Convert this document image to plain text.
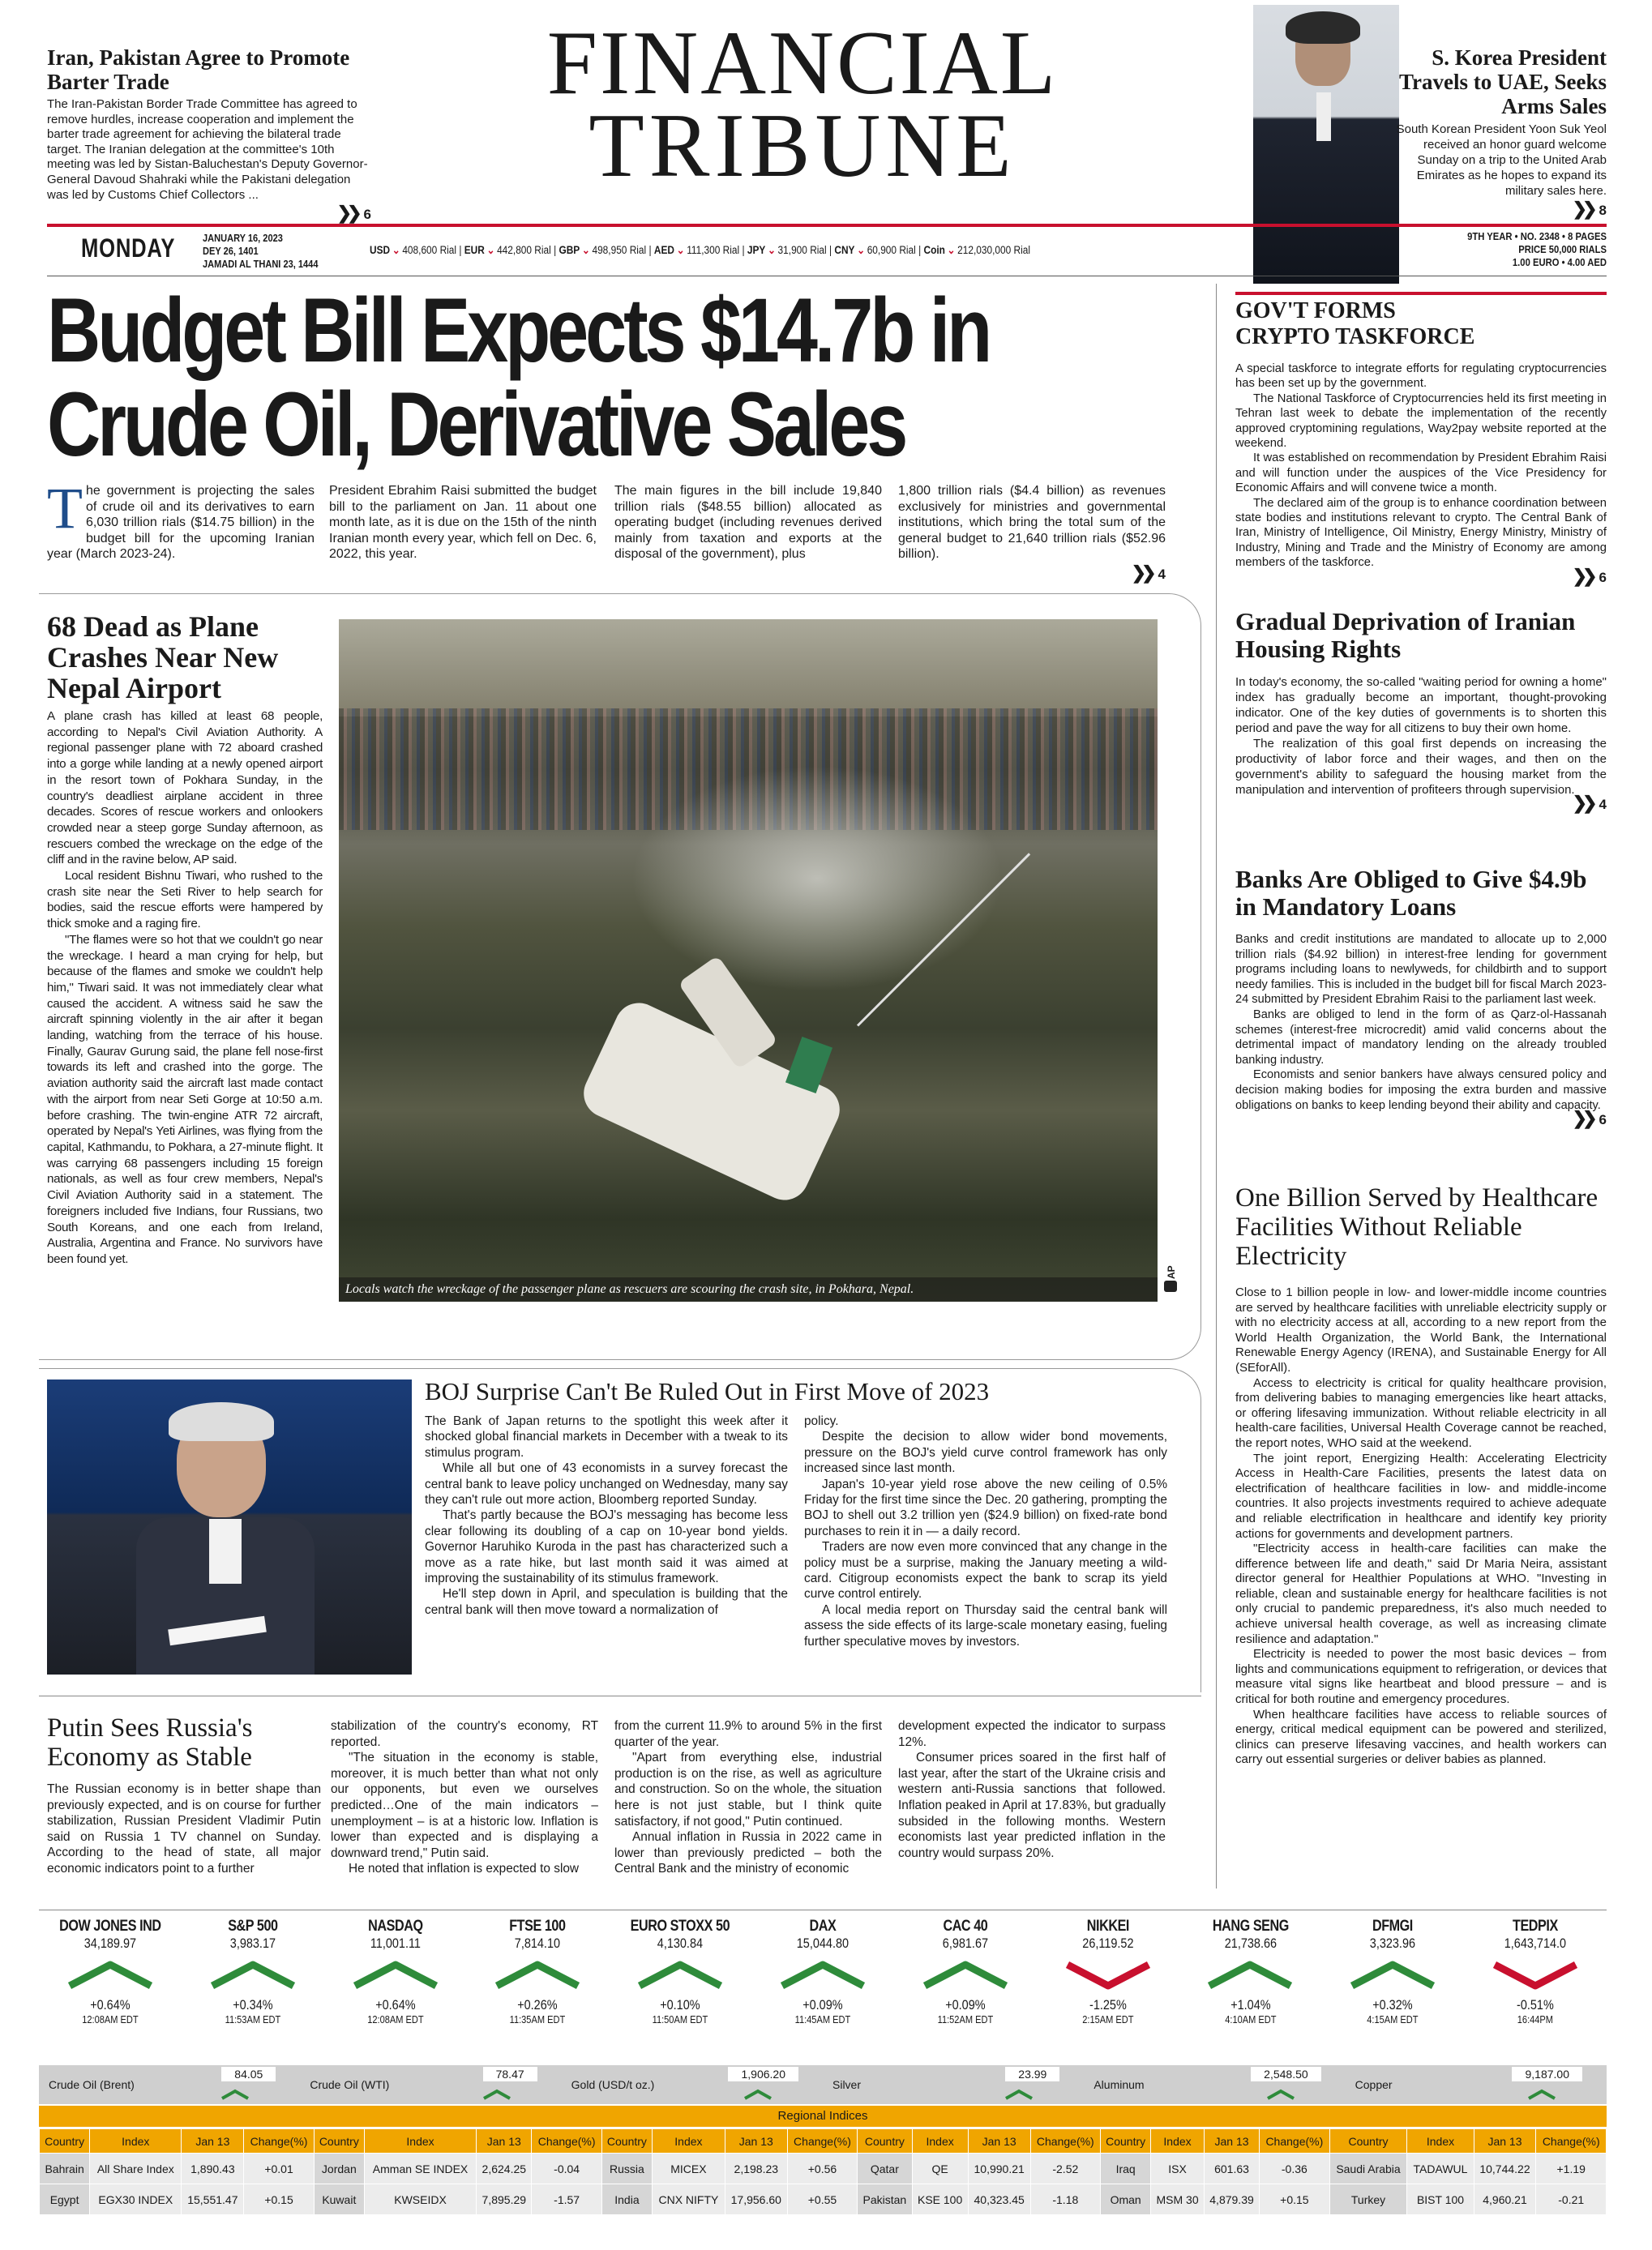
FINANCIAL
TRIBUNE
Iran, Pakistan Agree to Promote Barter Trade
The Iran-Pakistan Border Trade Committee has agreed to remove hurdles, increase cooperation and implement the barter trade agreement for achieving the bilateral trade target. The Iranian delegation at the committee's 10th meeting was led by Sistan-Baluchestan's Deputy Governor-General Davoud Shahraki while the Pakistani delegation was led by Customs Chief Collectors ...
❯❯ 6
S. Korea President Travels to UAE, Seeks Arms Sales
South Korean President Yoon Suk Yeol received an honor guard welcome Sunday on a trip to the United Arab Emirates as he hopes to expand its military sales here.
❯❯ 8
MONDAY	JANUARY 16, 2023
DEY 26, 1401
JAMADI AL THANI 23, 1444
USD ⌄ 408,600 Rial | EUR ⌄ 442,800 Rial | GBP ⌄ 498,950 Rial | AED ⌄ 111,300 Rial | JPY ⌄ 31,900 Rial | CNY ⌄ 60,900 Rial | Coin ⌄ 212,030,000 Rial
9TH YEAR • NO. 2348 • 8 PAGES
PRICE 50,000 RIALS
1.00 EURO • 4.00 AED
Budget Bill Expects $14.7b in
Crude Oil, Derivative Sales
T he government is projecting the sales of crude oil and its derivatives to earn 6,030 trillion rials ($14.75 billion) in the budget bill for the upcoming Iranian year (March 2023-24).
President Ebrahim Raisi submitted the budget bill to the parliament on Jan. 11 about one month late, as it is due on the 15th of the ninth Iranian month every year, which fell on Dec. 6, 2022, this year.
The main figures in the bill include 19,840 trillion rials ($48.55 billion) allocated as operating budget (including revenues derived mainly from taxation and exports at the disposal of the government), plus
1,800 trillion rials ($4.4 billion) as revenues exclusively for ministries and governmental institutions, which bring the total sum of the general budget to 21,640 trillion rials ($52.96 billion).
❯❯ 4
68 Dead as Plane Crashes Near New Nepal Airport

A plane crash has killed at least 68 people, according to Nepal's Civil Aviation Authority. A regional passenger plane with 72 aboard crashed into a gorge while landing at a newly opened airport in the resort town of Pokhara Sunday, in the country's deadliest airplane accident in three decades. Scores of rescue workers and onlookers crowded near a steep gorge Sunday afternoon, as rescuers combed the wreckage on the edge of the cliff and in the ravine below, AP said.

Local resident Bishnu Tiwari, who rushed to the crash site near the Seti River to help search for bodies, said the rescue efforts were hampered by thick smoke and a raging fire.

"The flames were so hot that we couldn't go near the wreckage. I heard a man crying for help, but because of the flames and smoke we couldn't help him," Tiwari said. It was not immediately clear what caused the accident. A witness said he saw the aircraft spinning violently in the air after it began landing, watching from the terrace of his house. Finally, Gaurav Gurung said, the plane fell nose-first towards its left and crashed into the gorge. The aviation authority said the aircraft last made contact with the airport from near Seti Gorge at 10:50 a.m. before crashing. The twin-engine ATR 72 aircraft, operated by Nepal's Yeti Airlines, was flying from the capital, Kathmandu, to Pokhara, a 27-minute flight. It was carrying 68 passengers including 15 foreign nationals, as well as four crew members, Nepal's Civil Aviation Authority said in a statement. The foreigners included five Indians, four Russians, two South Koreans, and one each from Ireland, Australia, Argentina and France. No survivors have been found yet.

Locals watch the wreckage of the passenger plane as rescuers are scouring the crash site, in Pokhara, Nepal.
AP
GOV'T FORMS CRYPTO TASKFORCE

A special taskforce to integrate efforts for regulating cryptocurrencies has been set up by the government.

The National Taskforce of Cryptocurrencies held its first meeting in Tehran last week to debate the implementation of the recently approved cryptomining regulations, Way2pay website reported at the weekend.

It was established on recommendation by President Ebrahim Raisi and will function under the auspices of the Vice Presidency for Economic Affairs and will convene twice a month.

The declared aim of the group is to enhance coordination between state bodies and institutions relevant to crypto. The Central Bank of Iran, Ministry of Intelligence, Oil Ministry, Energy Ministry, Ministry of Industry, Mining and Trade and the Ministry of Economy are among members of the taskforce.

❯❯ 6
Gradual Deprivation of Iranian Housing Rights

In today's economy, the so-called "waiting period for owning a home" index has gradually become an important, thought-provoking indicator. One of the key duties of governments is to shorten this period and pave the way for all citizens to buy their own home.

The realization of this goal first depends on increasing the productivity of labor force and their wages, and then on the government's ability to safeguard the housing market from the manipulation and intervention of profiteers through supervision.

❯❯ 4
Banks Are Obliged to Give $4.9b in Mandatory Loans

Banks and credit institutions are mandated to allocate up to 2,000 trillion rials ($4.92 billion) in interest-free lending for government programs including loans to newlyweds, for childbirth and to support needy families. This is included in the budget bill for fiscal March 2023-24 submitted by President Ebrahim Raisi to the parliament last week.

Banks are obliged to lend in the form of as Qarz-ol-Hassanah schemes (interest-free microcredit) amid valid concerns about the detrimental impact of mandatory lending on the already troubled banking industry.

Economists and senior bankers have always censured policy and decision making bodies for imposing the extra burden and massive obligations on banks to keep lending beyond their ability and capacity.

❯❯ 6
One Billion Served by Healthcare Facilities Without Reliable Electricity

Close to 1 billion people in low- and lower-middle income countries are served by healthcare facilities with unreliable electricity supply or with no electricity access at all, according to a new report from the World Health Organization, the World Bank, the International Renewable Energy Agency (IRENA), and Sustainable Energy for All (SEforAll).

Access to electricity is critical for quality healthcare provision, from delivering babies to managing emergencies like heart attacks, or offering lifesaving immunization. Without reliable electricity in all health-care facilities, Universal Health Coverage cannot be reached, the report notes, WHO said at the weekend.

The joint report, Energizing Health: Accelerating Electricity Access in Health-Care Facilities, presents the latest data on electrification of healthcare facilities in low- and middle-income countries. It also projects investments required to achieve adequate and reliable electrification in healthcare and identify key priority actions for governments and development partners.

"Electricity access in health-care facilities can make the difference between life and death," said Dr Maria Neira, assistant director general for Healthier Populations at WHO. "Investing in reliable, clean and sustainable energy for healthcare facilities is not only crucial to pandemic preparedness, it's also much needed to achieve universal health coverage, as well as increasing climate resilience and adaptation."

Electricity is needed to power the most basic devices – from lights and communications equipment to refrigeration, or devices that measure vital signs like heartbeat and blood pressure – and is critical for both routine and emergency procedures.

When healthcare facilities have access to reliable sources of energy, critical medical equipment can be powered and sterilized, clinics can preserve lifesaving vaccines, and health workers can carry out essential surgeries or deliver babies as planned.

BOJ Surprise Can't Be Ruled Out in First Move of 2023

The Bank of Japan returns to the spotlight this week after it shocked global financial markets in December with a tweak to its stimulus program.

While all but one of 43 economists in a survey forecast the central bank to leave policy unchanged on Wednesday, many say they can't rule out more action, Bloomberg reported Sunday.

That's partly because the BOJ's messaging has become less clear following its doubling of a cap on 10-year bond yields. Governor Haruhiko Kuroda in the past has characterized such a move as a rate hike, but last month said it was aimed at improving the sustainability of its stimulus framework.

He'll step down in April, and speculation is building that the central bank will then move toward a normalization of

policy.

Despite the decision to allow wider bond movements, pressure on the BOJ's yield curve control framework has only increased since last month.

Japan's 10-year yield rose above the new ceiling of 0.5% Friday for the first time since the Dec. 20 gathering, prompting the BOJ to shell out 3.2 trillion yen ($24.9 billion) on fixed-rate bond purchases to rein it in — a daily record.

Traders are now even more convinced that any change in the policy must be a surprise, making the January meeting a wild-card. Citigroup economists expect the bank to scrap its yield curve control entirely.

A local media report on Thursday said the central bank will assess the side effects of its large-scale monetary easing, fueling further speculative moves by investors.

Putin Sees Russia's Economy as Stable
The Russian economy is in better shape than previously expected, and is on course for further stabilization, Russian President Vladimir Putin said on Russia 1 TV channel on Sunday. According to the head of state, all major economic indicators point to a further

stabilization of the country's economy, RT reported.

"The situation in the economy is stable, moreover, it is much better than what not only our opponents, but even we ourselves predicted…One of the main indicators – unemployment – is at a historic low. Inflation is lower than expected and is displaying a downward trend," Putin said.

He noted that inflation is expected to slow

from the current 11.9% to around 5% in the first quarter of the year.

"Apart from everything else, industrial production is on the rise, as well as agriculture and construction. So on the whole, the situation here is not just stable, but I think quite satisfactory, if not good," Putin continued.

Annual inflation in Russia in 2022 came in lower than previously predicted – both the Central Bank and the ministry of economic

development expected the indicator to surpass 12%.

Consumer prices soared in the first half of last year, after the start of the Ukraine crisis and western anti-Russia sanctions that followed. Inflation peaked in April at 17.83%, but gradually subsided in the following months. Western economists last year predicted inflation in the country would surpass 20%.

DOW JONES IND
34,189.97
+0.64%
12:08AM EDT
S&P 500
3,983.17
+0.34%
11:53AM EDT
NASDAQ
11,001.11
+0.64%
12:08AM EDT
FTSE 100
7,814.10
+0.26%
11:35AM EDT
EURO STOXX 50
4,130.84
+0.10%
11:50AM EDT
DAX
15,044.80
+0.09%
11:45AM EDT
CAC 40
6,981.67
+0.09%
11:52AM EDT
NIKKEI
26,119.52
-1.25%
2:15AM EDT
HANG SENG
21,738.66
+1.04%
4:10AM EDT
DFMGI
3,323.96
+0.32%
4:15AM EDT
TEDPIX
1,643,714.0
-0.51%
16:44PM
Crude Oil (Brent)
84.05
Crude Oil (WTI)
78.47
Gold (USD/t oz.)
1,906.20
Silver
23.99
Aluminum
2,548.50
Copper
9,187.00
Regional Indices
Country	Index	Jan 13	Change(%)	Country	Index	Jan 13	Change(%)	Country	Index	Jan 13	Change(%)	Country	Index	Jan 13	Change(%)	Country	Index	Jan 13	Change(%)	Country	Index	Jan 13	Change(%)
Bahrain	All Share Index	1,890.43	+0.01	Jordan	Amman SE INDEX	2,624.25	-0.04	Russia	MICEX	2,198.23	+0.56	Qatar	QE	10,990.21	-2.52	Iraq	ISX	601.63	-0.36	Saudi Arabia	TADAWUL	10,744.22	+1.19
Egypt	EGX30 INDEX	15,551.47	+0.15	Kuwait	KWSEIDX	7,895.29	-1.57	India	CNX NIFTY	17,956.60	+0.55	Pakistan	KSE 100	40,323.45	-1.18	Oman	MSM 30	4,879.39	+0.15	Turkey	BIST 100	4,960.21	-0.21
